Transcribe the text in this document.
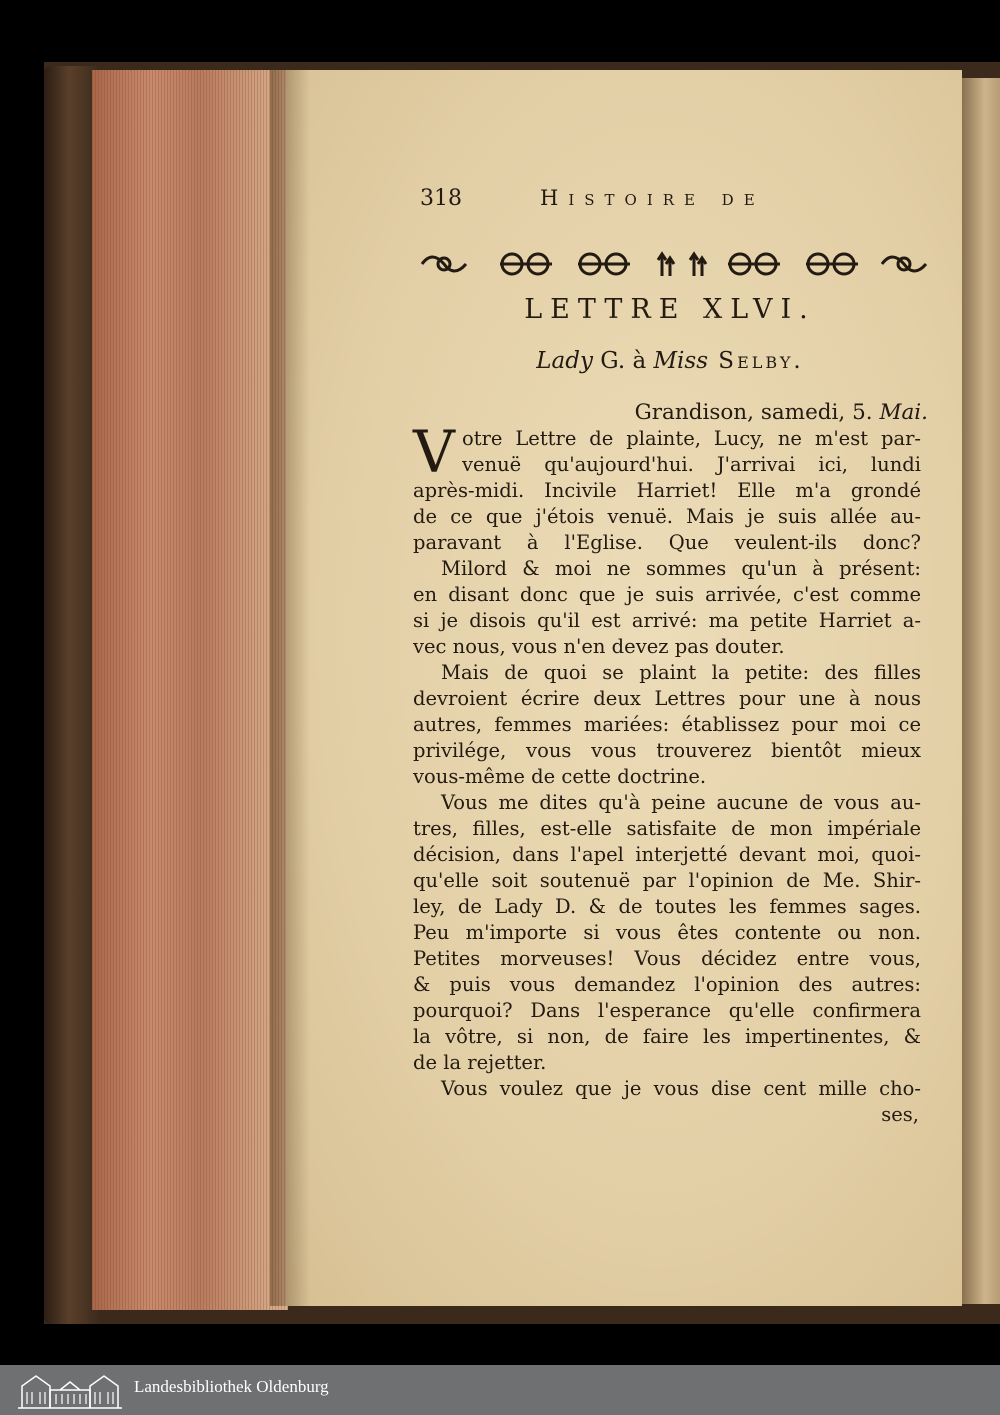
318	Histoire de
LETTRE XLVI.
Lady G. à Miss Selby.
Grandison, samedi, 5. Mai.
V otre Lettre de plainte, Lucy, ne m'est par-
venuë qu'aujourd'hui. J'arrivai ici, lundi
après-midi. Incivile Harriet! Elle m'a grondé
de ce que j'étois venuë. Mais je suis allée au-
paravant à l'Eglise. Que veulent-ils donc?
Milord & moi ne sommes qu'un à présent:
en disant donc que je suis arrivée, c'est comme
si je disois qu'il est arrivé: ma petite Harriet a-
vec nous, vous n'en devez pas douter.
Mais de quoi se plaint la petite: des filles
devroient écrire deux Lettres pour une à nous
autres, femmes mariées: établissez pour moi ce
privilége, vous vous trouverez bientôt mieux
vous-même de cette doctrine.
Vous me dites qu'à peine aucune de vous au-
tres, filles, est-elle satisfaite de mon impériale
décision, dans l'apel interjetté devant moi, quoi-
qu'elle soit soutenuë par l'opinion de Me. Shir-
ley, de Lady D. & de toutes les femmes sages.
Peu m'importe si vous êtes contente ou non.
Petites morveuses! Vous décidez entre vous,
& puis vous demandez l'opinion des autres:
pourquoi? Dans l'esperance qu'elle confirmera
la vôtre, si non, de faire les impertinentes, &
de la rejetter.
Vous voulez que je vous dise cent mille cho-
ses,
Landesbibliothek Oldenburg
